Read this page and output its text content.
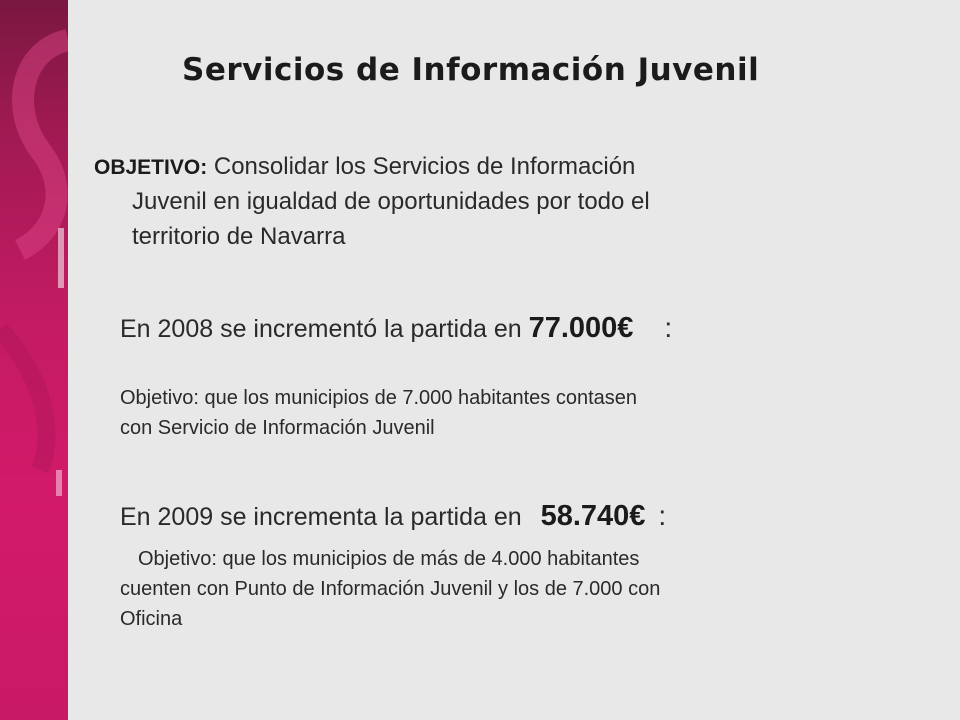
Servicios de Información Juvenil

OBJETIVO: Consolidar los Servicios de Información
Juvenil en igualdad de oportunidades por todo el
territorio de Navarra

En 2008 se incrementó la partida en 77.000€ :

Objetivo: que los municipios de 7.000 habitantes contasen
con Servicio de Información Juvenil

En 2009 se incrementa la partida en 58.740€ :

Objetivo: que los municipios de más de 4.000 habitantes
cuenten con Punto de Información Juvenil y los de 7.000 con
Oficina
